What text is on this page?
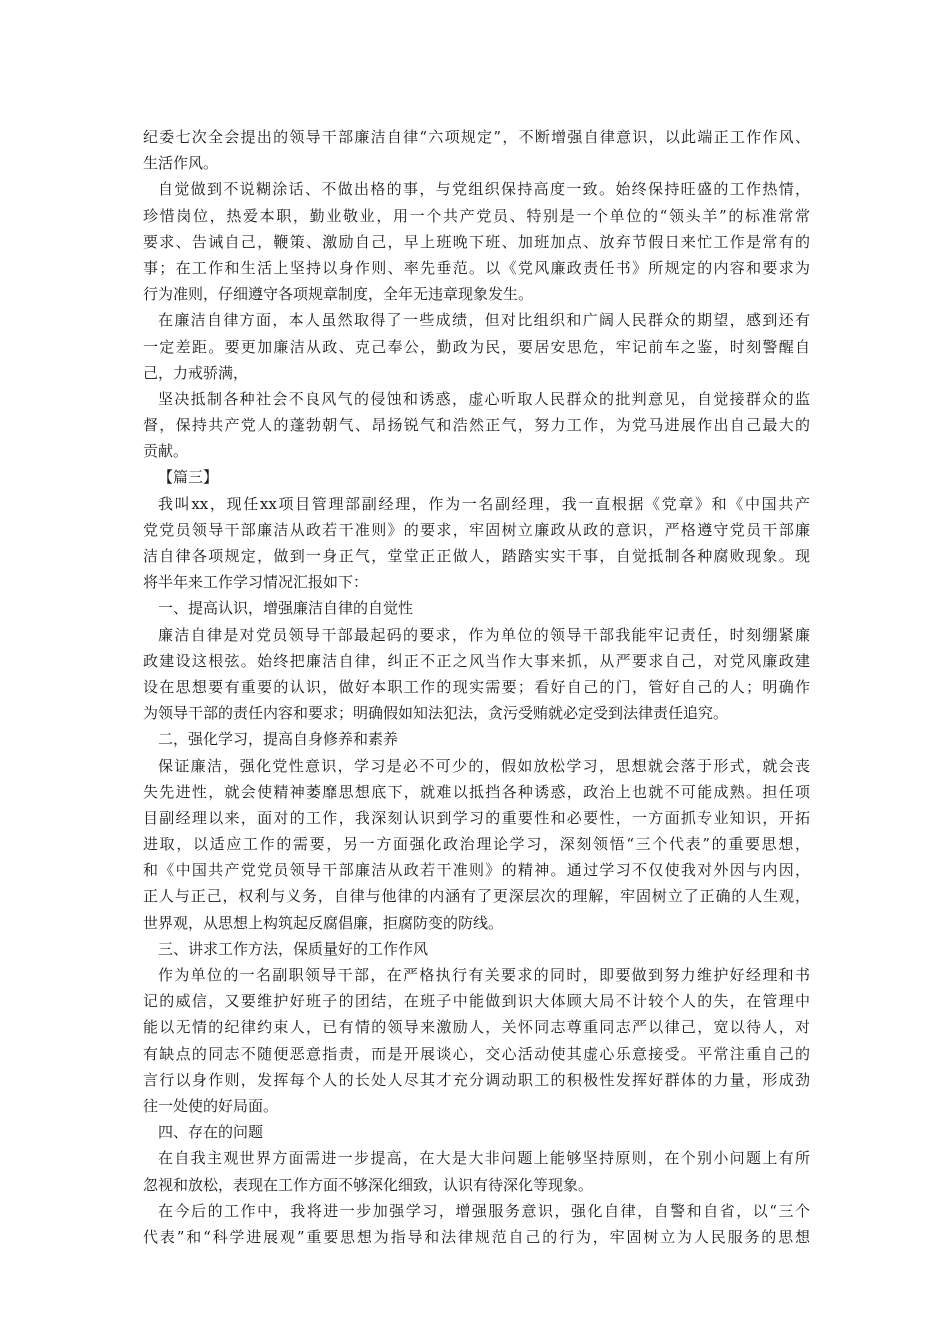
纪委七次全会提出的领导干部廉洁自律“六项规定”，不断增强自律意识，以此端正工作作风、
生活作风。
自觉做到不说糊涂话、不做出格的事，与党组织保持高度一致。始终保持旺盛的工作热情，
珍惜岗位，热爱本职，勤业敬业，用一个共产党员、特别是一个单位的“领头羊”的标准常常
要求、告诫自己，鞭策、激励自己，早上班晚下班、加班加点、放弃节假日来忙工作是常有的
事；在工作和生活上坚持以身作则、率先垂范。以《党风廉政责任书》所规定的内容和要求为
行为准则，仔细遵守各项规章制度，全年无违章现象发生。
在廉洁自律方面，本人虽然取得了一些成绩，但对比组织和广阔人民群众的期望，感到还有
一定差距。要更加廉洁从政、克己奉公，勤政为民，要居安思危，牢记前车之鉴，时刻警醒自
己，力戒骄满，
坚决抵制各种社会不良风气的侵蚀和诱惑，虚心听取人民群众的批判意见，自觉接群众的监
督，保持共产党人的蓬勃朝气、昂扬锐气和浩然正气，努力工作，为党马进展作出自己最大的
贡献。
【篇三】
我叫xx，现任xx项目管理部副经理，作为一名副经理，我一直根据《党章》和《中国共产
党党员领导干部廉洁从政若干准则》的要求，牢固树立廉政从政的意识，严格遵守党员干部廉
洁自律各项规定，做到一身正气，堂堂正正做人，踏踏实实干事，自觉抵制各种腐败现象。现
将半年来工作学习情况汇报如下：
一、提高认识，增强廉洁自律的自觉性
廉洁自律是对党员领导干部最起码的要求，作为单位的领导干部我能牢记责任，时刻绷紧廉
政建设这根弦。始终把廉洁自律，纠正不正之风当作大事来抓，从严要求自己，对党风廉政建
设在思想要有重要的认识，做好本职工作的现实需要；看好自己的门，管好自己的人；明确作
为领导干部的责任内容和要求；明确假如知法犯法，贪污受贿就必定受到法律责任追究。
二，强化学习，提高自身修养和素养
保证廉洁，强化党性意识，学习是必不可少的，假如放松学习，思想就会落于形式，就会丧
失先进性，就会使精神萎靡思想底下，就难以抵挡各种诱惑，政治上也就不可能成熟。担任项
目副经理以来，面对的工作，我深刻认识到学习的重要性和必要性，一方面抓专业知识，开拓
进取，以适应工作的需要，另一方面强化政治理论学习，深刻领悟“三个代表”的重要思想，
和《中国共产党党员领导干部廉洁从政若干准则》的精神。通过学习不仅使我对外因与内因，
正人与正己，权利与义务，自律与他律的内涵有了更深层次的理解，牢固树立了正确的人生观，
世界观，从思想上构筑起反腐倡廉，拒腐防变的防线。
三、讲求工作方法，保质量好的工作作风
作为单位的一名副职领导干部，在严格执行有关要求的同时，即要做到努力维护好经理和书
记的威信，又要维护好班子的团结，在班子中能做到识大体顾大局不计较个人的失，在管理中
能以无情的纪律约束人，已有情的领导来激励人，关怀同志尊重同志严以律己，宽以待人，对
有缺点的同志不随便恶意指责，而是开展谈心，交心活动使其虚心乐意接受。平常注重自己的
言行以身作则，发挥每个人的长处人尽其才充分调动职工的积极性发挥好群体的力量，形成劲
往一处使的好局面。
四、存在的问题
在自我主观世界方面需进一步提高，在大是大非问题上能够坚持原则，在个别小问题上有所
忽视和放松，表现在工作方面不够深化细致，认识有待深化等现象。
在今后的工作中，我将进一步加强学习，增强服务意识，强化自律，自警和自省，以“三个
代表”和“科学进展观”重要思想为指导和法律规范自己的行为，牢固树立为人民服务的思想
